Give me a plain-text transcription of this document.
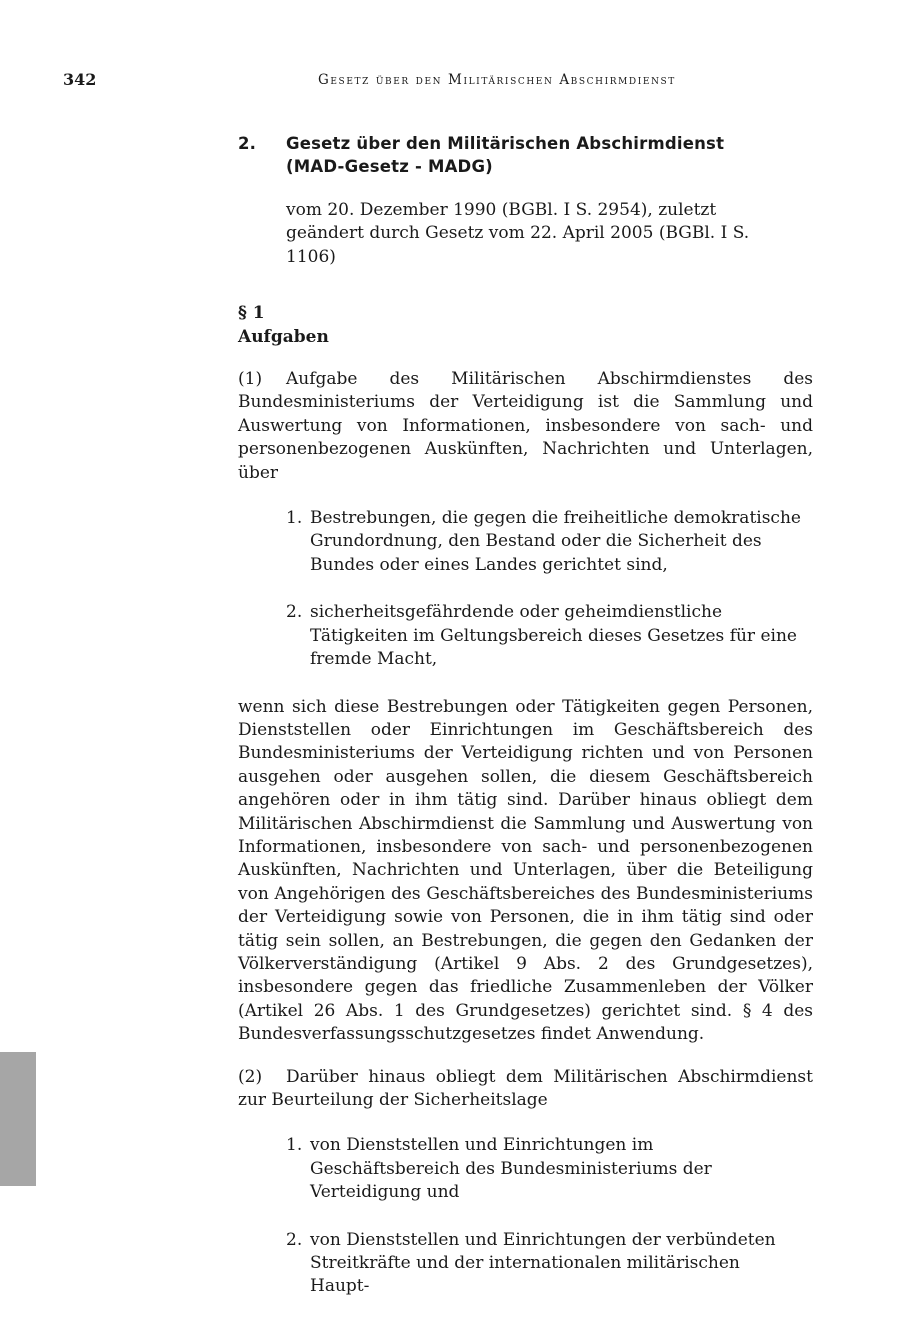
342	Gesetz über den Militärischen Abschirmdienst
2.	Gesetz über den Militärischen Abschirmdienst
(MAD-Gesetz - MADG)
vom 20. Dezember 1990 (BGBl. I S. 2954), zuletzt geändert durch Gesetz vom 22. April 2005 (BGBl. I S. 1106)
§ 1
Aufgaben
(1) Aufgabe des Militärischen Abschirmdienstes des Bundesministeriums der Verteidigung ist die Sammlung und Auswertung von Informationen, insbesondere von sach- und personenbezogenen Auskünften, Nachrichten und Unterlagen, über
1. Bestrebungen, die gegen die freiheitliche demokratische Grundordnung, den Bestand oder die Sicherheit des Bundes oder eines Landes gerichtet sind,
2. sicherheitsgefährdende oder geheimdienstliche Tätigkeiten im Geltungsbereich dieses Gesetzes für eine fremde Macht,
wenn sich diese Bestrebungen oder Tätigkeiten gegen Personen, Dienststellen oder Einrichtungen im Geschäftsbereich des Bundesministeriums der Verteidigung richten und von Personen ausgehen oder ausgehen sollen, die diesem Geschäftsbereich angehören oder in ihm tätig sind. Darüber hinaus obliegt dem Militärischen Abschirmdienst die Sammlung und Auswertung von Informationen, insbesondere von sach- und personenbezogenen Auskünften, Nachrichten und Unterlagen, über die Beteiligung von Angehörigen des Geschäftsbereiches des Bundesministeriums der Verteidigung sowie von Personen, die in ihm tätig sind oder tätig sein sollen, an Bestrebungen, die gegen den Gedanken der Völkerverständigung (Artikel 9 Abs. 2 des Grundgesetzes), insbesondere gegen das friedliche Zusammenleben der Völker (Artikel 26 Abs. 1 des Grundgesetzes) gerichtet sind. § 4 des Bundesverfassungsschutzgesetzes findet Anwendung.
(2) Darüber hinaus obliegt dem Militärischen Abschirmdienst zur Beurteilung der Sicherheitslage
1. von Dienststellen und Einrichtungen im Geschäftsbereich des Bundesministeriums der Verteidigung und
2. von Dienststellen und Einrichtungen der verbündeten Streitkräfte und der internationalen militärischen Haupt-
